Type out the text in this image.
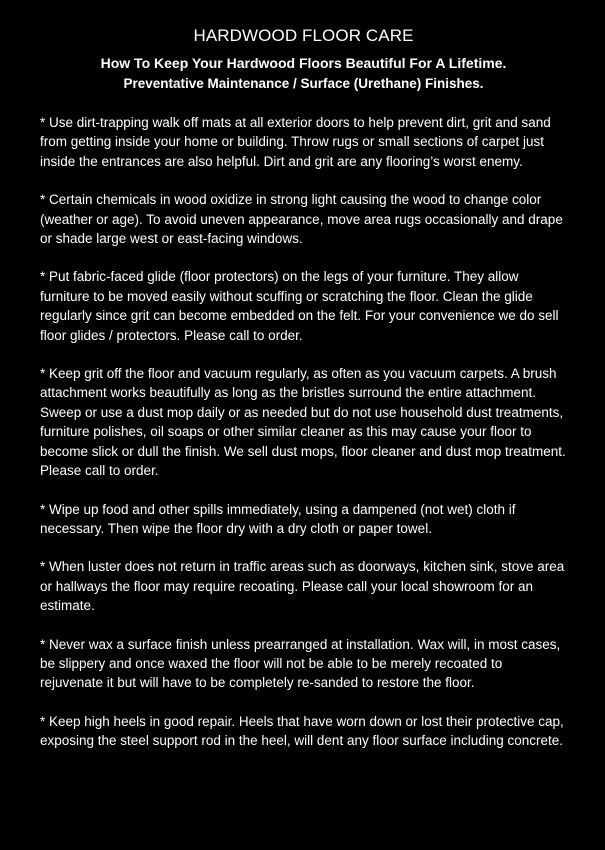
HARDWOOD FLOOR CARE
How To Keep Your Hardwood Floors Beautiful For A Lifetime.
Preventative Maintenance / Surface (Urethane) Finishes.

* Use dirt-trapping walk off mats at all exterior doors to help prevent dirt, grit and sand from getting inside your home or building. Throw rugs or small sections of carpet just inside the entrances are also helpful. Dirt and grit are any flooring’s worst enemy.

* Certain chemicals in wood oxidize in strong light causing the wood to change color (weather or age). To avoid uneven appearance, move area rugs occasionally and drape or shade large west or east-facing windows.

* Put fabric-faced glide (floor protectors) on the legs of your furniture. They allow furniture to be moved easily without scuffing or scratching the floor. Clean the glide regularly since grit can become embedded on the felt. For your convenience we do sell floor glides / protectors. Please call to order.

* Keep grit off the floor and vacuum regularly, as often as you vacuum carpets. A brush attachment works beautifully as long as the bristles surround the entire attachment. Sweep or use a dust mop daily or as needed but do not use household dust treatments, furniture polishes, oil soaps or other similar cleaner as this may cause your floor to become slick or dull the finish. We sell dust mops, floor cleaner and dust mop treatment. Please call to order.

* Wipe up food and other spills immediately, using a dampened (not wet) cloth if necessary. Then wipe the floor dry with a dry cloth or paper towel.

* When luster does not return in traffic areas such as doorways, kitchen sink, stove area or hallways the floor may require recoating. Please call your local showroom for an estimate.

* Never wax a surface finish unless prearranged at installation. Wax will, in most cases, be slippery and once waxed the floor will not be able to be merely recoated to rejuvenate it but will have to be completely re-sanded to restore the floor.

* Keep high heels in good repair. Heels that have worn down or lost their protective cap, exposing the steel support rod in the heel, will dent any floor surface including concrete.
